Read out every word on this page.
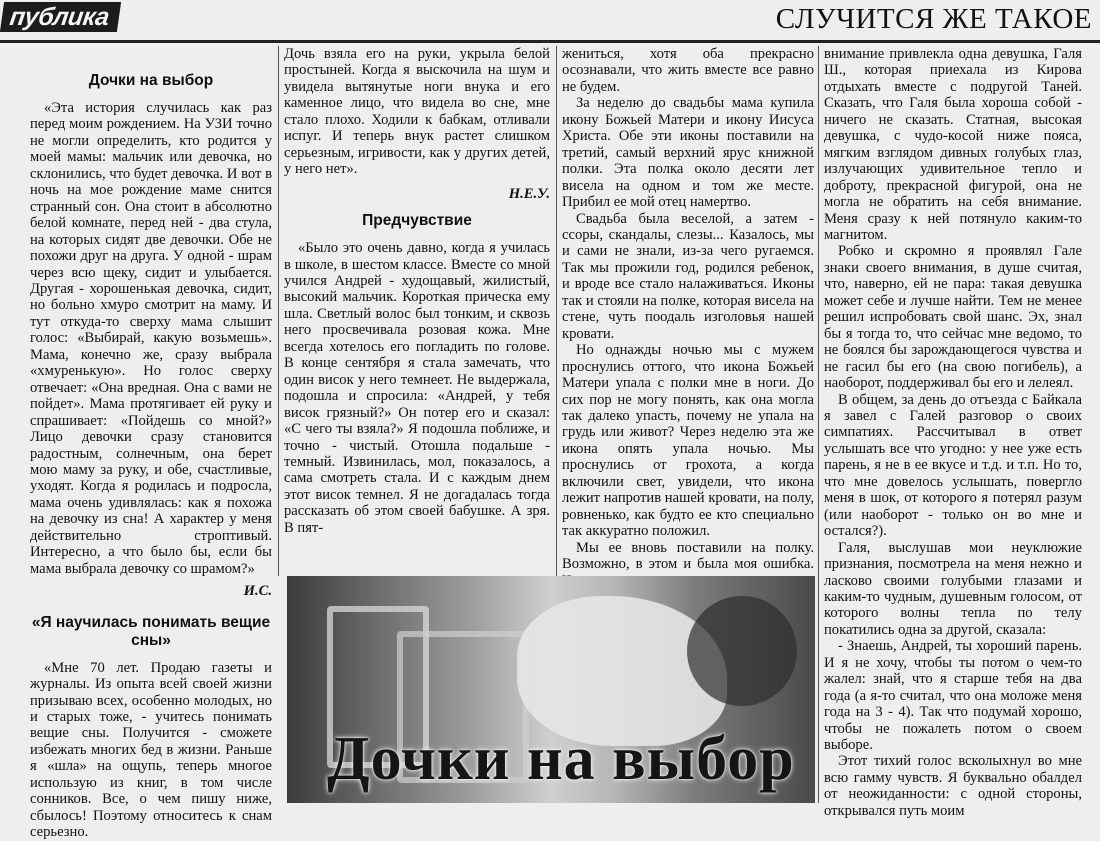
публика	СЛУЧИТСЯ ЖЕ ТАКОЕ
Дочки на выбор

«Эта история случилась как раз перед моим рождением. На УЗИ точно не могли определить, кто родится у моей мамы: мальчик или девочка, но склонились, что будет девочка. И вот в ночь на мое рождение маме снится странный сон. Она стоит в абсолютно белой комнате, перед ней - два стула, на которых сидят две девочки. Обе не похожи друг на друга. У одной - шрам через всю щеку, сидит и улыбается. Другая - хорошенькая девочка, сидит, но больно хмуро смотрит на маму. И тут откуда-то сверху мама слышит голос: «Выбирай, какую возьмешь». Мама, конечно же, сразу выбрала «хмуренькую». Но голос сверху отвечает: «Она вредная. Она с вами не пойдет». Мама протягивает ей руку и спрашивает: «Пойдешь со мной?» Лицо девочки сразу становится радостным, солнечным, она берет мою маму за руку, и обе, счастливые, уходят. Когда я родилась и подросла, мама очень удивлялась: как я похожа на девочку из сна! А характер у меня действительно строптивый. Интересно, а что было бы, если бы мама выбрала девочку со шрамом?»

И.С.

«Я научилась понимать вещие сны»

«Мне 70 лет. Продаю газеты и журналы. Из опыта всей своей жизни призываю всех, особенно молодых, но и старых тоже, - учитесь понимать вещие сны. Получится - сможете избежать многих бед в жизни. Раньше я «шла» на ощупь, теперь многое использую из книг, в том числе сонников. Все, о чем пишу ниже, сбылось! Поэтому относитесь к снам серьезно.

Дочь взяла его на руки, укрыла белой простыней. Когда я выскочила на шум и увидела вытянутые ноги внука и его каменное лицо, что видела во сне, мне стало плохо. Ходили к бабкам, отливали испуг. И теперь внук растет слишком серьезным, игривости, как у других детей, у него нет».

Н.Е.У.

Предчувствие

«Было это очень давно, когда я училась в школе, в шестом классе. Вместе со мной учился Андрей - худощавый, жилистый, высокий мальчик. Короткая прическа ему шла. Светлый волос был тонким, и сквозь него просвечивала розовая кожа. Мне всегда хотелось его погладить по голове. В конце сентября я стала замечать, что один висок у него темнеет. Не выдержала, подошла и спросила: «Андрей, у тебя висок грязный?» Он потер его и сказал: «С чего ты взяла?» Я подошла поближе, и точно - чистый. Отошла подальше - темный. Извинилась, мол, показалось, а сама смотреть стала. И с каждым днем этот висок темнел. Я не догадалась тогда рассказать об этом своей бабушке. А зря. В пят-

жениться, хотя оба прекрасно осознавали, что жить вместе все равно не будем.

За неделю до свадьбы мама купила икону Божьей Матери и икону Иисуса Христа. Обе эти иконы поставили на третий, самый верхний ярус книжной полки. Эта полка около десяти лет висела на одном и том же месте. Прибил ее мой отец намертво.

Свадьба была веселой, а затем - ссоры, скандалы, слезы... Казалось, мы и сами не знали, из-за чего ругаемся. Так мы прожили год, родился ребенок, и вроде все стало налаживаться. Иконы так и стояли на полке, которая висела на стене, чуть поодаль изголовья нашей кровати.

Но однажды ночью мы с мужем проснулись оттого, что икона Божьей Матери упала с полки мне в ноги. До сих пор не могу понять, как она могла так далеко упасть, почему не упала на грудь или живот? Через неделю эта же икона опять упала ночью. Мы проснулись от грохота, а когда включили свет, увидели, что икона лежит напротив нашей кровати, на полу, ровненько, как будто ее кто специально так аккуратно положил.

Мы ее вновь поставили на полку. Возможно, в этом и была моя ошибка.

внимание привлекла одна девушка, Галя Ш., которая приехала из Кирова отдыхать вместе с подругой Таней. Сказать, что Галя была хороша собой - ничего не сказать. Статная, высокая девушка, с чудо-косой ниже пояса, мягким взглядом дивных голубых глаз, излучающих удивительное тепло и доброту, прекрасной фигурой, она не могла не обратить на себя внимание. Меня сразу к ней потянуло каким-то магнитом.

Робко и скромно я проявлял Гале знаки своего внимания, в душе считая, что, наверно, ей не пара: такая девушка может себе и лучше найти. Тем не менее решил испробовать свой шанс. Эх, знал бы я тогда то, что сейчас мне ведомо, то не боялся бы зарождающегося чувства и не гасил бы его (на свою погибель), а наоборот, поддерживал бы его и лелеял.

В общем, за день до отъезда с Байкала я завел с Галей разговор о своих симпатиях. Рассчитывал в ответ услышать все что угодно: у нее уже есть парень, я не в ее вкусе и т.д. и т.п. Но то, что мне довелось услышать, повергло меня в шок, от которого я потерял разум (или наоборот - только он во мне и остался?).

Галя, выслушав мои неуклюжие признания, посмотрела на меня нежно и ласково своими голубыми глазами и каким-то чудным, душевным голосом, от которого волны тепла по телу покатились одна за другой, сказала:

- Знаешь, Андрей, ты хороший парень. И я не хочу, чтобы ты потом о чем-то жалел: знай, что я старше тебя на два года (а я-то считал, что она моложе меня года на 3 - 4). Так что подумай хорошо, чтобы не пожалеть потом о своем выборе.

Этот тихий голос всколыхнул во мне всю гамму чувств. Я буквально обалдел от неожиданности: с одной стороны, открывался путь моим

Дочки на выбор
